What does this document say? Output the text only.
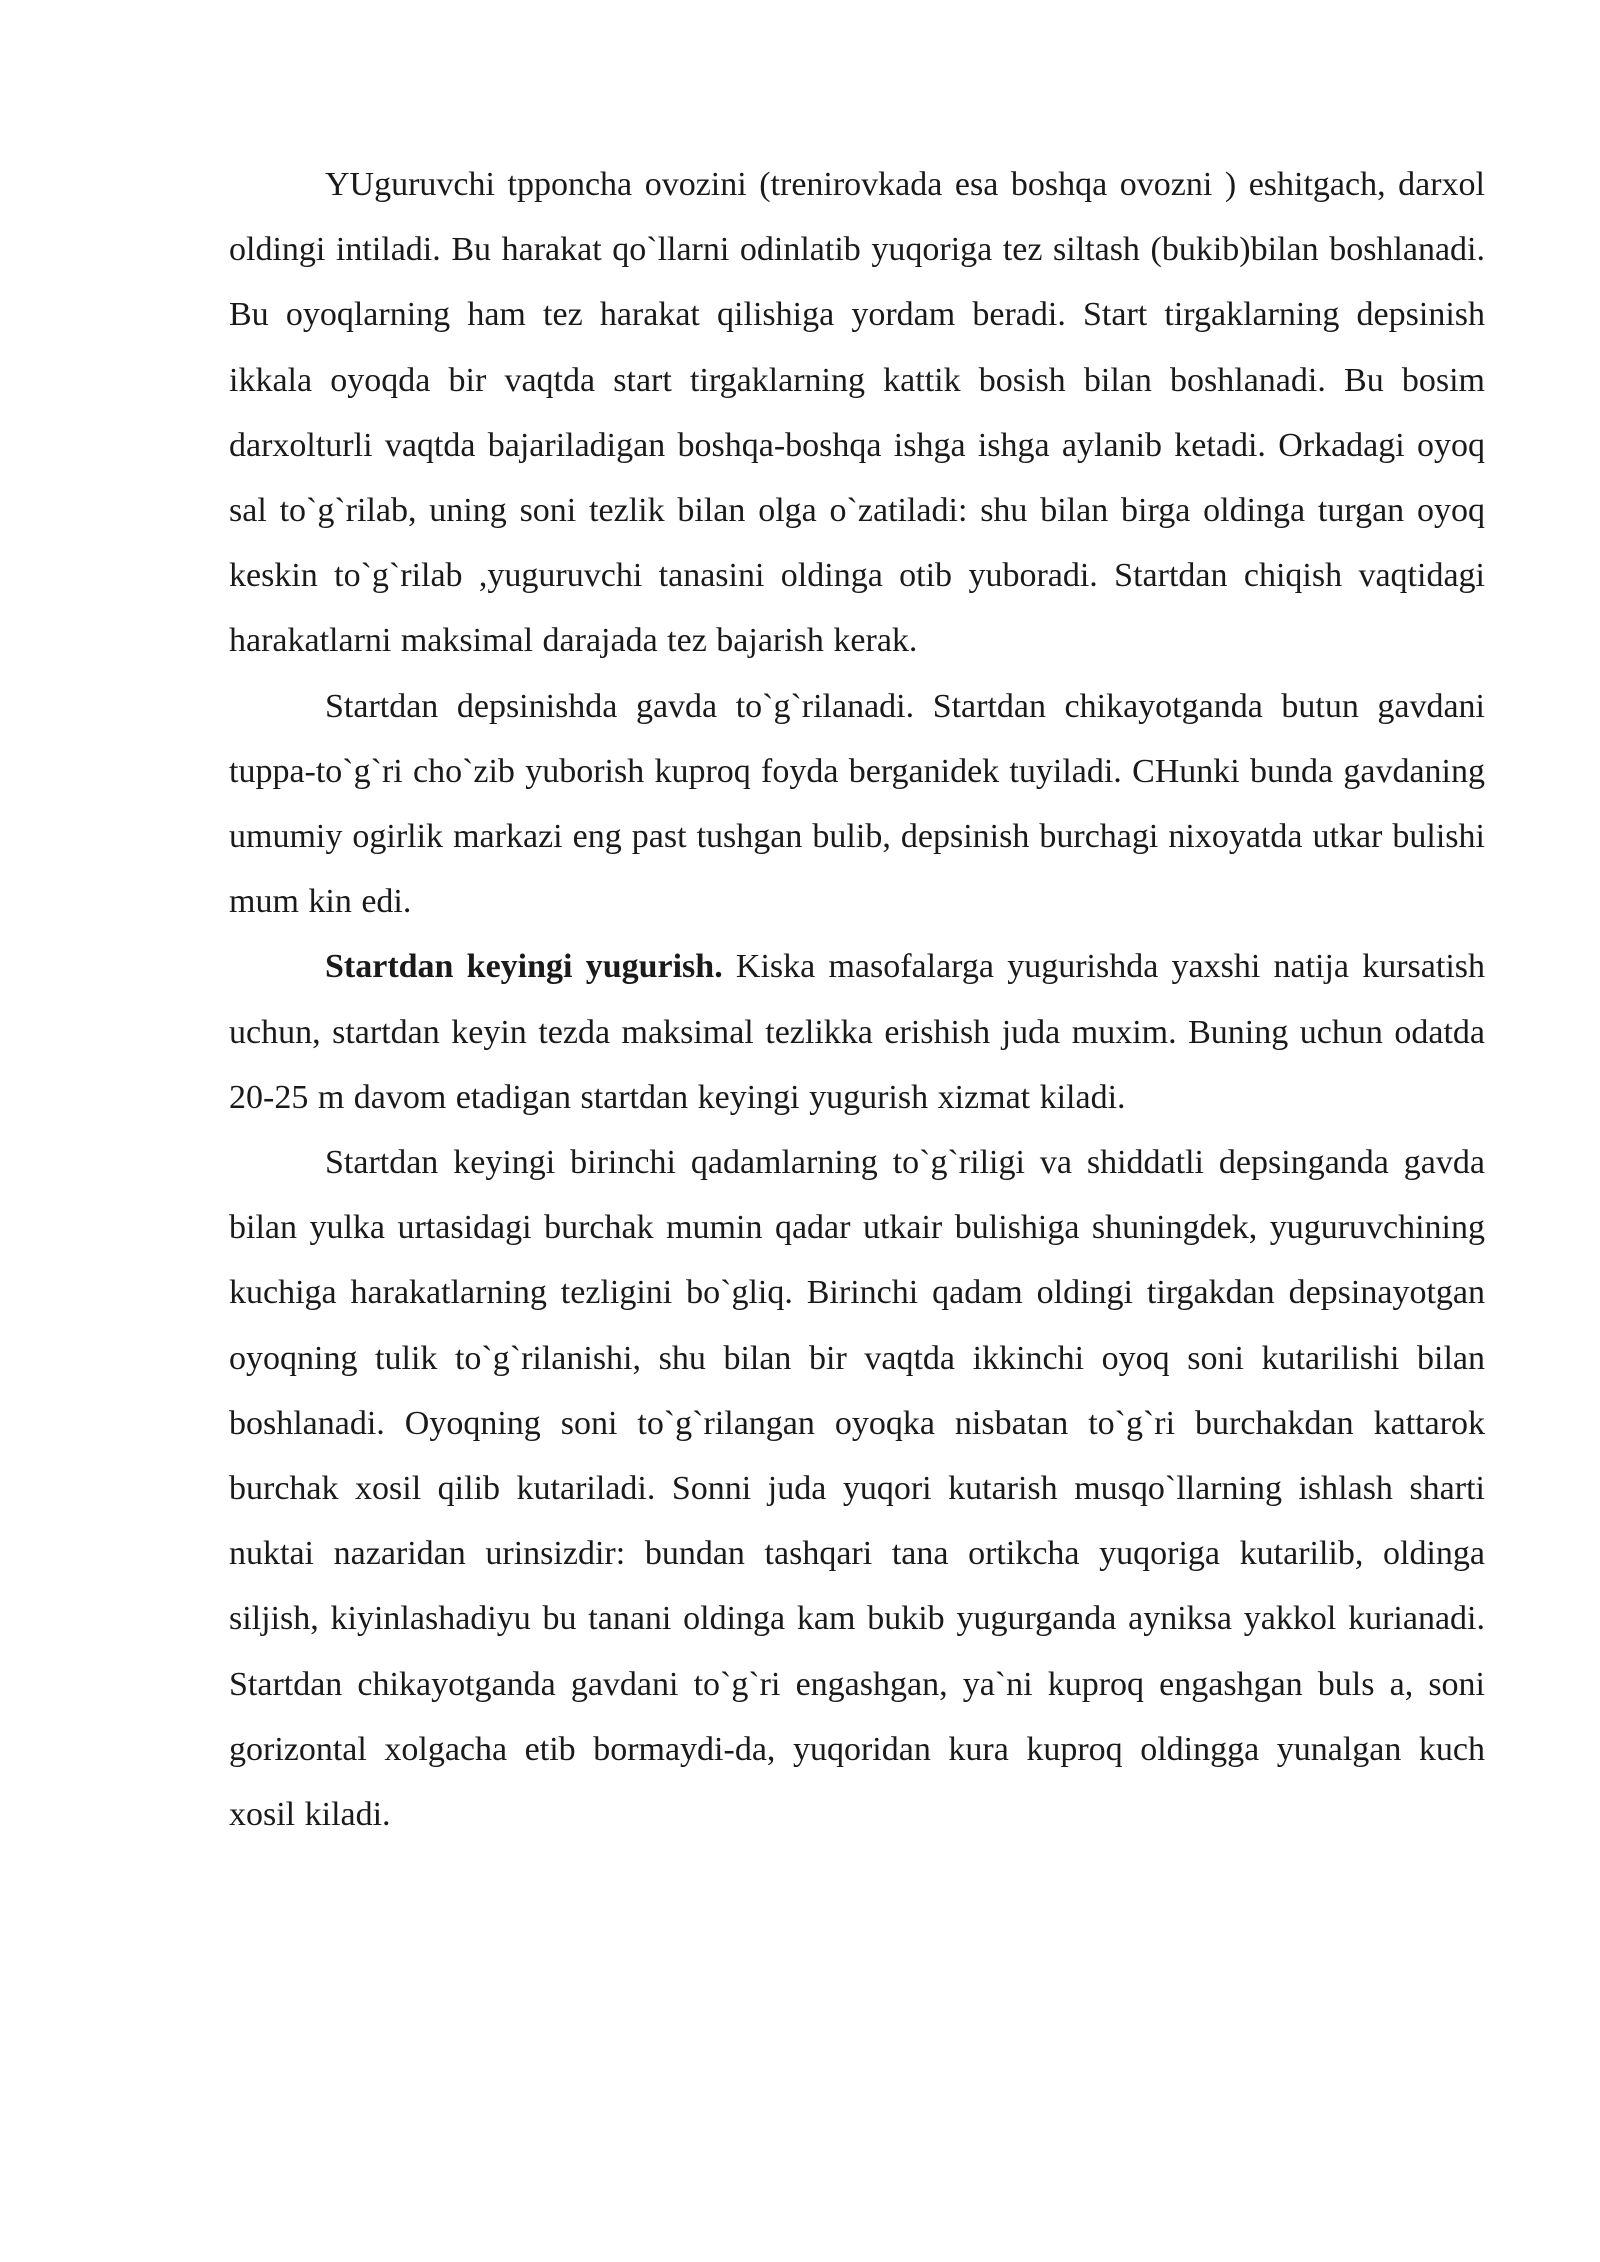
YUguruvchi tpponcha ovozini (trenirovkada esa boshqa ovozni ) eshitgach, darxol oldingi intiladi. Bu harakat qo`llarni odinlatib yuqoriga tez siltash (bukib)bilan boshlanadi. Bu oyoqlarning ham tez harakat qilishiga yordam beradi. Start tirgaklarning depsinish ikkala oyoqda bir vaqtda start tirgaklarning kattik bosish bilan boshlanadi. Bu bosim darxolturli vaqtda bajariladigan boshqa-boshqa ishga ishga aylanib ketadi. Orkadagi oyoq sal to`g`rilab, uning soni tezlik bilan olga o`zatiladi: shu bilan birga oldinga turgan oyoq keskin to`g`rilab ,yuguruvchi tanasini oldinga otib yuboradi. Startdan chiqish vaqtidagi harakatlarni maksimal darajada tez bajarish kerak.

Startdan depsinishda gavda to`g`rilanadi. Startdan chikayotganda butun gavdani tuppa-to`g`ri cho`zib yuborish kuproq foyda berganidek tuyiladi. CHunki bunda gavdaning umumiy ogirlik markazi eng past tushgan bulib, depsinish burchagi nixoyatda utkar bulishi mum kin edi.

Startdan keyingi yugurish. Kiska masofalarga yugurishda yaxshi natija kursatish uchun, startdan keyin tezda maksimal tezlikka erishish juda muxim. Buning uchun odatda 20-25 m davom etadigan startdan keyingi yugurish xizmat kiladi.

Startdan keyingi birinchi qadamlarning to`g`riligi va shiddatli depsinganda gavda bilan yulka urtasidagi burchak mumin qadar utkair bulishiga shuningdek, yuguruvchining kuchiga harakatlarning tezligini bo`gliq. Birinchi qadam oldingi tirgakdan depsinayotgan oyoqning tulik to`g`rilanishi, shu bilan bir vaqtda ikkinchi oyoq soni kutarilishi bilan boshlanadi. Oyoqning soni to`g`rilangan oyoqka nisbatan to`g`ri burchakdan kattarok burchak xosil qilib kutariladi. Sonni juda yuqori kutarish musqo`llarning ishlash sharti nuktai nazaridan urinsizdir: bundan tashqari tana ortikcha yuqoriga kutarilib, oldinga siljish, kiyinlashadiyu bu tanani oldinga kam bukib yugurganda ayniksa yakkol kurianadi. Startdan chikayotganda gavdani to`g`ri engashgan, ya`ni kuproq engashgan buls a, soni gorizontal xolgacha etib bormaydi-da, yuqoridan kura kuproq oldingga yunalgan kuch xosil kiladi.
